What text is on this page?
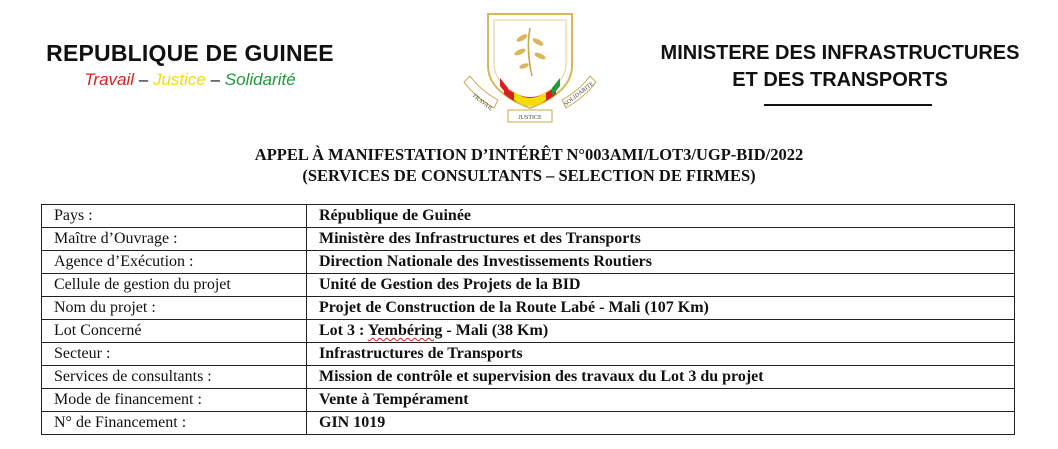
REPUBLIQUE DE GUINEE
Travail – Justice – Solidarité
TRAVAIL
JUSTICE
SOLIDARITE
MINISTERE DES INFRASTRUCTURES
ET DES TRANSPORTS
APPEL À MANIFESTATION D’INTÉRÊT N°003AMI/LOT3/UGP-BID/2022
(SERVICES DE CONSULTANTS – SELECTION DE FIRMES)
Pays :	République de Guinée
Maître d’Ouvrage :	Ministère des Infrastructures et des Transports
Agence d’Exécution :	Direction Nationale des Investissements Routiers
Cellule de gestion du projet	Unité de Gestion des Projets de la BID
Nom du projet :	Projet de Construction de la Route Labé - Mali (107 Km)
Lot Concerné	Lot 3 : Yembéring - Mali (38 Km)
Secteur :	Infrastructures de Transports
Services de consultants :	Mission de contrôle et supervision des travaux du Lot 3 du projet
Mode de financement :	Vente à Tempérament
N° de Financement :	GIN 1019
